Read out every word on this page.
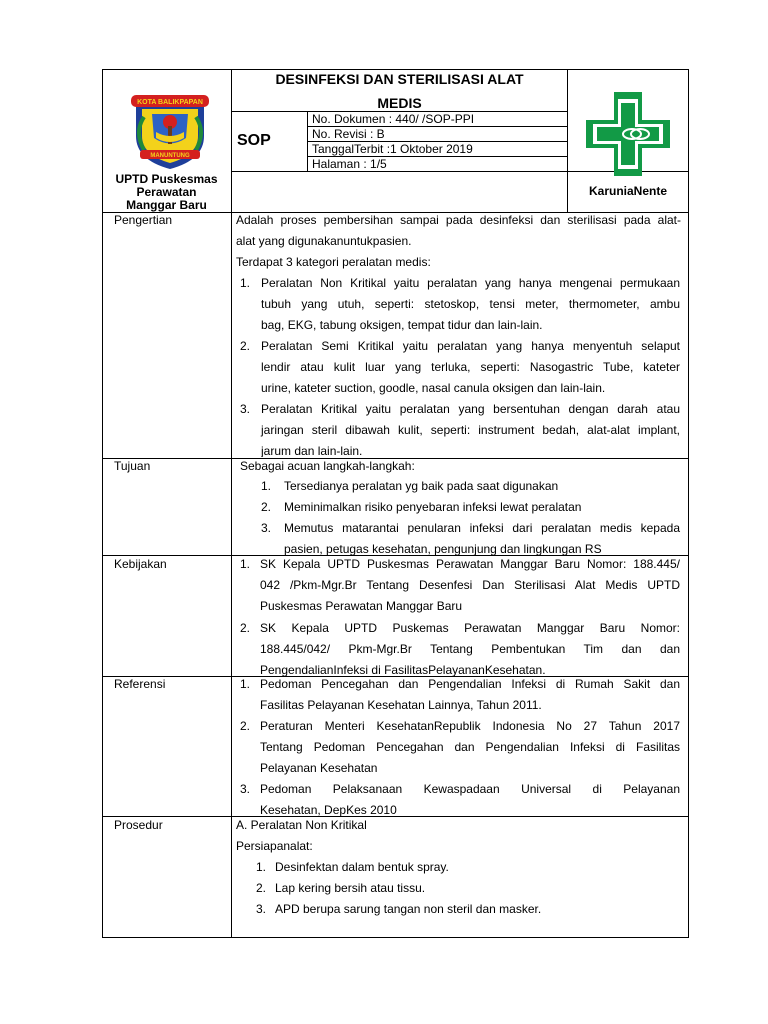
KOTA BALIKPAPAN
MANUNTUNG
UPTD Puskesmas
Perawatan
Manggar Baru
DESINFEKSI DAN STERILISASI ALAT
MEDIS
SOP
No. Dokumen : 440/ /SOP-PPI
No. Revisi : B
TanggalTerbit :1 Oktober 2019
Halaman : 1/5
KaruniaNente
Pengertian	Adalah proses pembersihan sampai pada desinfeksi dan sterilisasi pada alat-
alat yang digunakanuntukpasien.
Terdapat 3 kategori peralatan medis:
1. Peralatan Non Kritikal yaitu peralatan yang hanya mengenai permukaan
tubuh yang utuh, seperti: stetoskop, tensi meter, thermometer, ambu
bag, EKG, tabung oksigen, tempat tidur dan lain-lain.
2. Peralatan Semi Kritikal yaitu peralatan yang hanya menyentuh selaput
lendir atau kulit luar yang terluka, seperti: Nasogastric Tube, kateter
urine, kateter suction, goodle, nasal canula oksigen dan lain-lain.
3. Peralatan Kritikal yaitu peralatan yang bersentuhan dengan darah atau
jaringan steril dibawah kulit, seperti: instrument bedah, alat-alat implant,
jarum dan lain-lain.
Tujuan	Sebagai acuan langkah-langkah:
1. Tersedianya peralatan yg baik pada saat digunakan
2. Meminimalkan risiko penyebaran infeksi lewat peralatan
3. Memutus matarantai penularan infeksi dari peralatan medis kepada
pasien, petugas kesehatan, pengunjung dan lingkungan RS
Kebijakan	1. SK Kepala UPTD Puskesmas Perawatan Manggar Baru Nomor: 188.445/
042 /Pkm-Mgr.Br Tentang Desenfesi Dan Sterilisasi Alat Medis UPTD
Puskesmas Perawatan Manggar Baru
2. SK Kepala UPTD Puskemas Perawatan Manggar Baru Nomor:
188.445/042/ Pkm-Mgr.Br Tentang Pembentukan Tim dan dan
PengendalianInfeksi di FasilitasPelayananKesehatan.
Referensi	1. Pedoman Pencegahan dan Pengendalian Infeksi di Rumah Sakit dan
Fasilitas Pelayanan Kesehatan Lainnya, Tahun 2011.
2. Peraturan Menteri KesehatanRepublik Indonesia No 27 Tahun 2017
Tentang Pedoman Pencegahan dan Pengendalian Infeksi di Fasilitas
Pelayanan Kesehatan
3. Pedoman Pelaksanaan Kewaspadaan Universal di Pelayanan
Kesehatan, DepKes 2010
Prosedur	A. Peralatan Non Kritikal
Persiapanalat:
1. Desinfektan dalam bentuk spray.
2. Lap kering bersih atau tissu.
3. APD berupa sarung tangan non steril dan masker.
